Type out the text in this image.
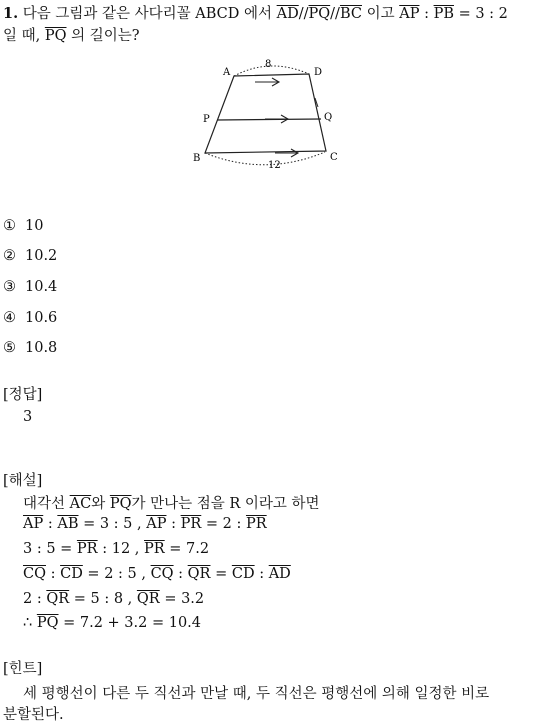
1. 다음 그림과 같은 사다리꼴 ABCD 에서 $\overline{AD}//\overline{PQ}//\overline{BC}$ 이고 $\overline{AP}$ : $\overline{PB} = 3$ : 2
일 때, $\overline{PQ}$ 의 길이는?
A	D
P	Q
B	C
8
12
① 10
② 10.2
③ 10.4
④ 10.6
⑤ 10.8
[정답]
3
[해설]
대각선 $\overline{AC}$와 $\overline{PQ}$가 만나는 점을 R 이라고 하면
$\overline{AP}$ : $\overline{AB} = 3$ : 5 , $\overline{AP}$ : $\overline{PR} = 2$ : $\overline{PR}$
3 : $5 = \overline{PR}$ : 12 , $\overline{PR} = 7.2$
$\overline{CQ}$ : $\overline{CD} = 2$ : 5 , $\overline{CQ}$ : $\overline{QR} = \overline{CD}$ : $\overline{AD}$
2 : $\overline{QR} = 5$ : 8 , $\overline{QR} = 3.2$
∴ $\overline{PQ} = 7.2 + 3.2 = 10.4$
[힌트]
세 평행선이 다른 두 직선과 만날 때, 두 직선은 평행선에 의해 일정한 비로
분할된다.
